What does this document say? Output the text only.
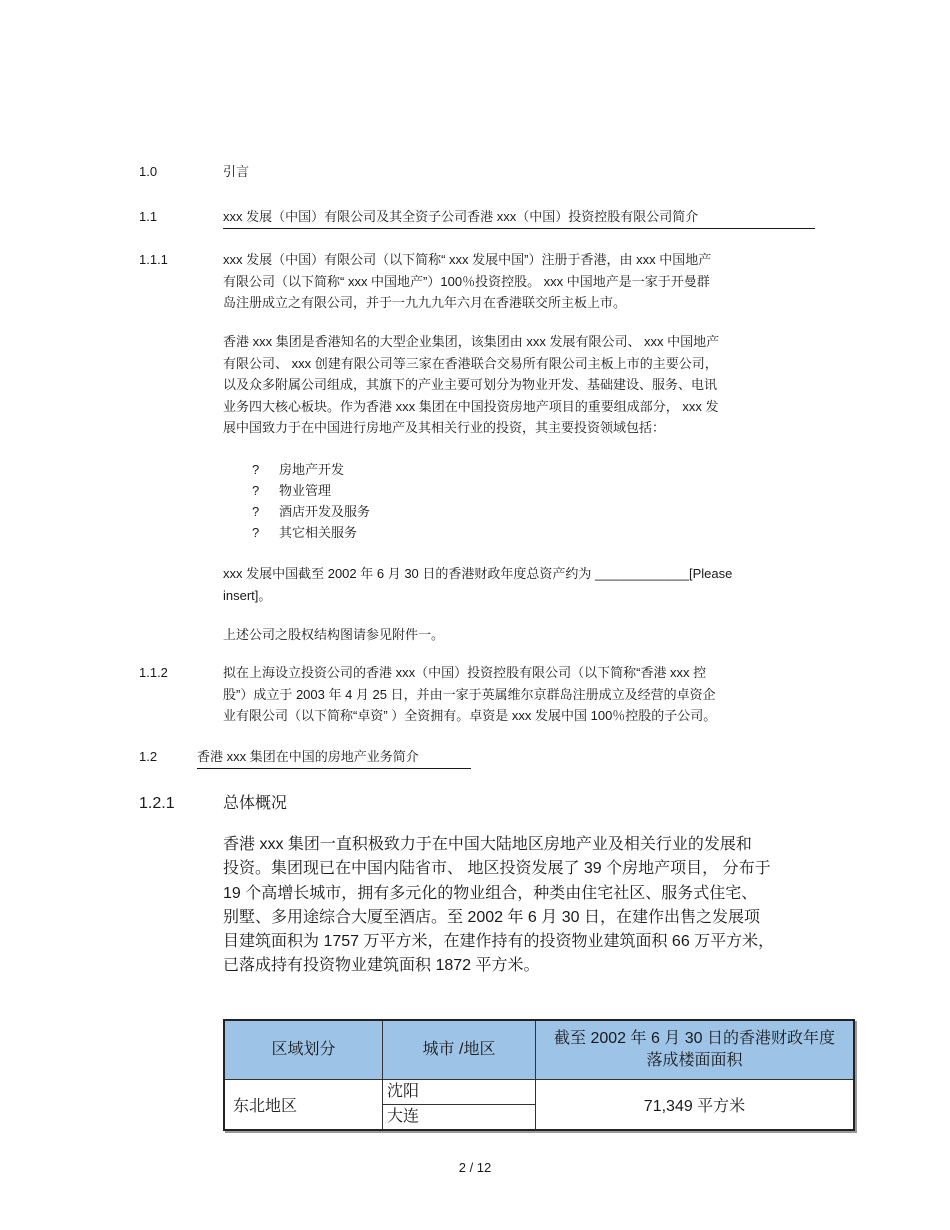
1.0	引言
1.1	xxx 发展（中国）有限公司及其全资子公司香港 xxx（中国）投资控股有限公司简介
1.1.1	xxx 发展（中国）有限公司（以下简称“ xxx 发展中国”）注册于香港，由 xxx 中国地产
有限公司（以下简称“ xxx 中国地产”）100％投资控股。 xxx 中国地产是一家于开曼群
岛注册成立之有限公司，并于一九九九年六月在香港联交所主板上市。
香港 xxx 集团是香港知名的大型企业集团，该集团由 xxx 发展有限公司、 xxx 中国地产
有限公司、 xxx 创建有限公司等三家在香港联合交易所有限公司主板上市的主要公司，
以及众多附属公司组成，其旗下的产业主要可划分为物业开发、基础建设、服务、电讯
业务四大核心板块。作为香港 xxx 集团在中国投资房地产项目的重要组成部分， xxx 发
展中国致力于在中国进行房地产及其相关行业的投资，其主要投资领域包括：
? 房地产开发
? 物业管理
? 酒店开发及服务
? 其它相关服务
xxx 发展中国截至 2002 年 6 月 30 日的香港财政年度总资产约为 _____________[Please
insert]。
上述公司之股权结构图请参见附件一。
1.1.2	拟在上海设立投资公司的香港 xxx（中国）投资控股有限公司（以下简称“香港 xxx 控
股”）成立于 2003 年 4 月 25 日，并由一家于英属维尔京群岛注册成立及经营的卓资企
业有限公司（以下简称“卓资” ）全资拥有。卓资是 xxx 发展中国 100％控股的子公司。
1.2	香港 xxx 集团在中国的房地产业务简介
1.2.1	总体概况
香港 xxx 集团一直积极致力于在中国大陆地区房地产业及相关行业的发展和
投资。集团现已在中国内陆省市、 地区投资发展了 39 个房地产项目， 分布于
19 个高增长城市，拥有多元化的物业组合，种类由住宅社区、服务式住宅、
别墅、多用途综合大厦至酒店。至 2002 年 6 月 30 日，在建作出售之发展项
目建筑面积为 1757 万平方米，在建作持有的投资物业建筑面积 66 万平方米，
已落成持有投资物业建筑面积 1872 平方米。
区域划分	城市 /地区	截至 2002 年 6 月 30 日的香港财政年度
落成楼面面积

东北地区	沈阳	71,349 平方米
	大连	
2 / 12
